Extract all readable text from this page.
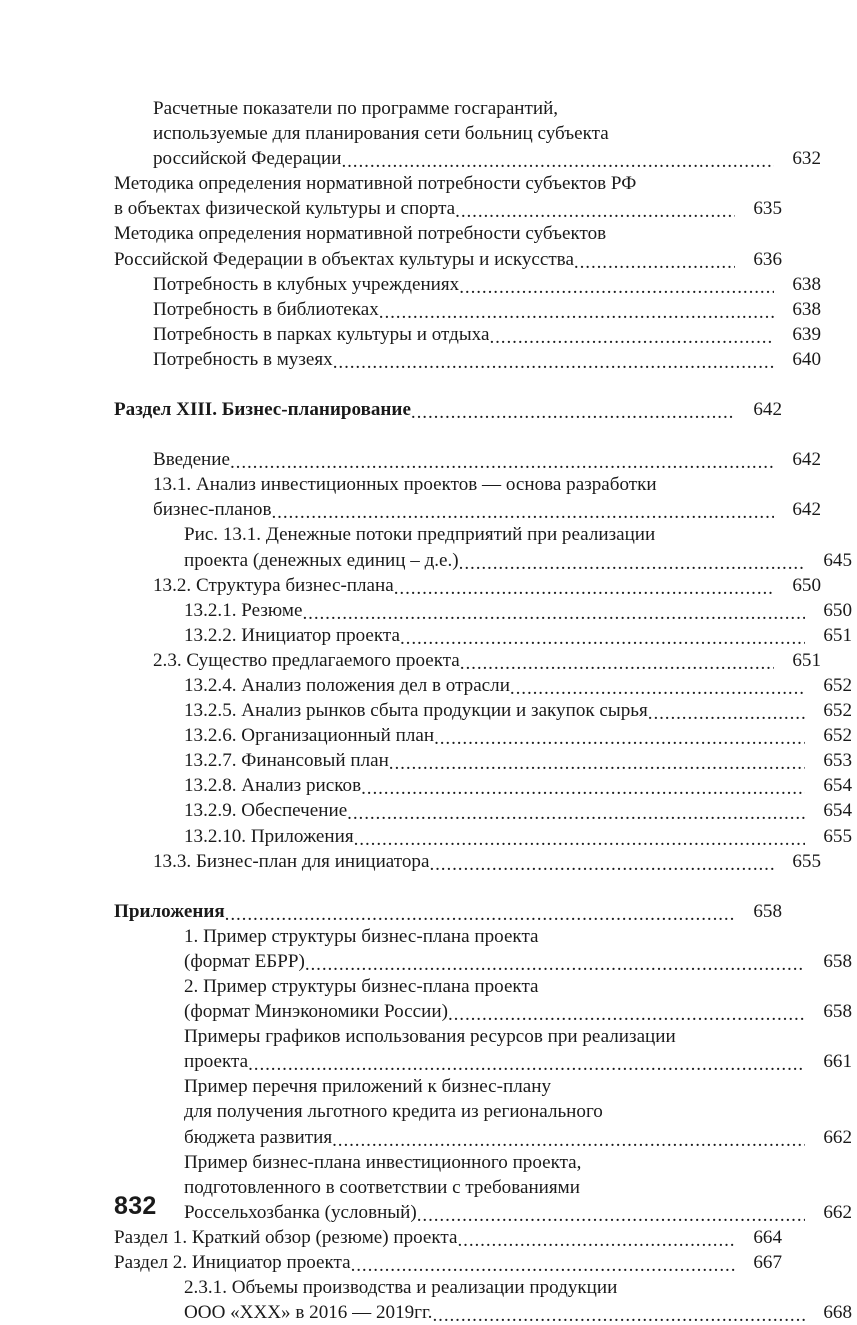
Расчетные показатели по программе госгарантий,
используемые для планирования сети больниц субъекта
российской Федерации .....	632
Методика определения нормативной потребности субъектов РФ
в объектах физической культуры и спорта .....	635
Методика определения нормативной потребности субъектов
Российской Федерации в объектах культуры и искусства .....	636
Потребность в клубных учреждениях .....	638
Потребность в библиотеках .....	638
Потребность в парках культуры и отдыха .....	639
Потребность в музеях .....	640
Раздел XIII. Бизнес-планирование .....	642
Введение .....	642
13.1. Анализ инвестиционных проектов — основа разработки
бизнес-планов .....	642
Рис. 13.1. Денежные потоки предприятий при реализации
проекта (денежных единиц – д.е.) .....	645
13.2. Структура бизнес-плана .....	650
13.2.1. Резюме .....	650
13.2.2. Инициатор проекта .....	651
2.3. Существо предлагаемого проекта .....	651
13.2.4. Анализ положения дел в отрасли .....	652
13.2.5. Анализ рынков сбыта продукции и закупок сырья .....	652
13.2.6. Организационный план .....	652
13.2.7. Финансовый план .....	653
13.2.8. Анализ рисков .....	654
13.2.9. Обеспечение .....	654
13.2.10. Приложения .....	655
13.3. Бизнес-план для инициатора .....	655
Приложения .....	658
1. Пример структуры бизнес-плана проекта
(формат ЕБРР) .....	658
2. Пример структуры бизнес-плана проекта
(формат Минэкономики России) .....	658
Примеры графиков использования ресурсов при реализации
проекта .....	661
Пример перечня приложений к бизнес-плану
для получения льготного кредита из регионального
бюджета развития .....	662
Пример бизнес-плана инвестиционного проекта,
подготовленного в соответствии с требованиями
Россельхозбанка (условный) .....	662
Раздел 1. Краткий обзор (резюме) проекта .....	664
Раздел 2. Инициатор проекта .....	667
2.3.1. Объемы производства и реализации продукции
ООО «XXX» в 2016 — 2019гг. .....	668
832
